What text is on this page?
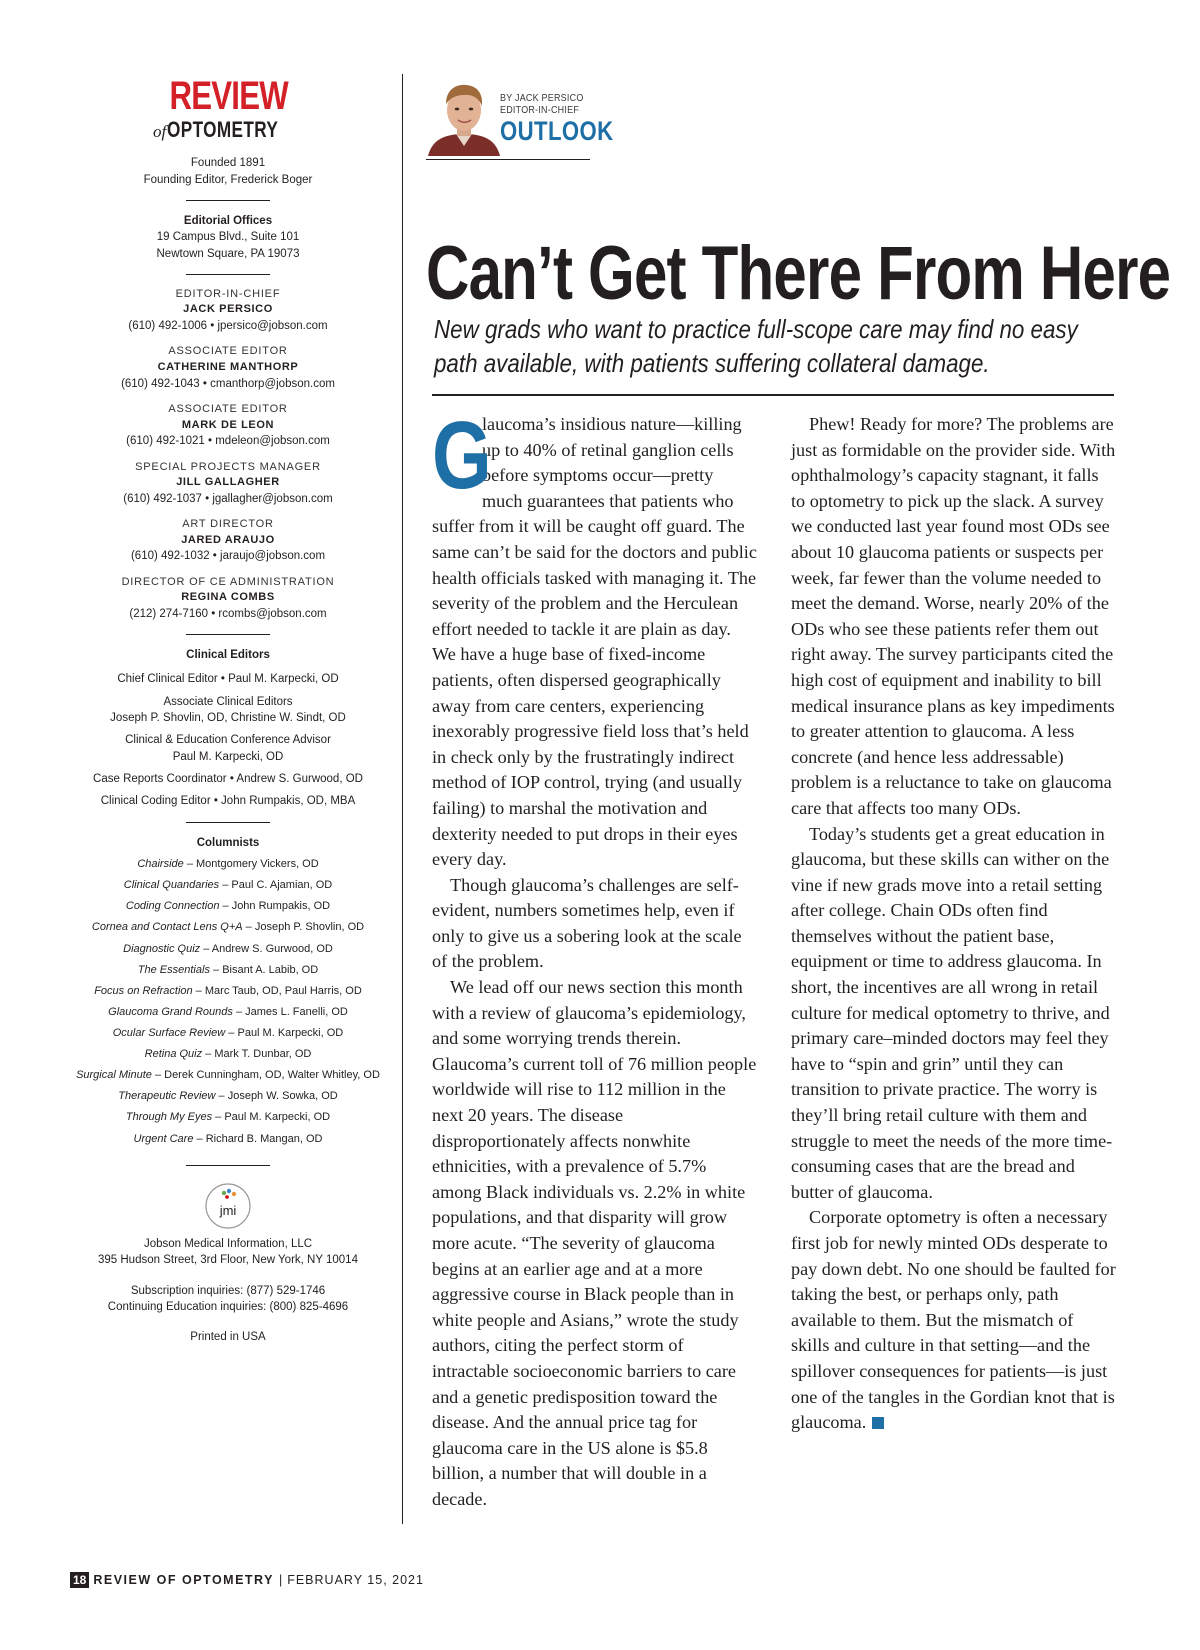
REVIEW
ofOPTOMETRY
Founded 1891
Founding Editor, Frederick Boger
Editorial Offices
19 Campus Blvd., Suite 101
Newtown Square, PA 19073
EDITOR-IN-CHIEF
JACK PERSICO
(610) 492-1006 • jpersico@jobson.com
ASSOCIATE EDITOR
CATHERINE MANTHORP
(610) 492-1043 • cmanthorp@jobson.com
ASSOCIATE EDITOR
MARK DE LEON
(610) 492-1021 • mdeleon@jobson.com
SPECIAL PROJECTS MANAGER
JILL GALLAGHER
(610) 492-1037 • jgallagher@jobson.com
ART DIRECTOR
JARED ARAUJO
(610) 492-1032 • jaraujo@jobson.com
DIRECTOR OF CE ADMINISTRATION
REGINA COMBS
(212) 274-7160 • rcombs@jobson.com
Clinical Editors
Chief Clinical Editor • Paul M. Karpecki, OD
Associate Clinical Editors
Joseph P. Shovlin, OD, Christine W. Sindt, OD
Clinical & Education Conference Advisor
Paul M. Karpecki, OD
Case Reports Coordinator • Andrew S. Gurwood, OD
Clinical Coding Editor • John Rumpakis, OD, MBA
Columnists
Chairside – Montgomery Vickers, OD
Clinical Quandaries – Paul C. Ajamian, OD
Coding Connection – John Rumpakis, OD
Cornea and Contact Lens Q+A – Joseph P. Shovlin, OD
Diagnostic Quiz – Andrew S. Gurwood, OD
The Essentials – Bisant A. Labib, OD
Focus on Refraction – Marc Taub, OD, Paul Harris, OD
Glaucoma Grand Rounds – James L. Fanelli, OD
Ocular Surface Review – Paul M. Karpecki, OD
Retina Quiz – Mark T. Dunbar, OD
Surgical Minute – Derek Cunningham, OD, Walter Whitley, OD
Therapeutic Review – Joseph W. Sowka, OD
Through My Eyes – Paul M. Karpecki, OD
Urgent Care – Richard B. Mangan, OD
jmi
Jobson Medical Information, LLC
395 Hudson Street, 3rd Floor, New York, NY 10014
Subscription inquiries: (877) 529-1746
Continuing Education inquiries: (800) 825-4696
Printed in USA
BY JACK PERSICO
EDITOR-IN-CHIEF
OUTLOOK
Can’t Get There From Here
New grads who want to practice full-scope care may find no easy path available, with patients suffering collateral damage.

G
laucoma’s insidious nature—killing up to 40% of retinal ganglion cells before symptoms occur—pretty much guarantees that patients who suffer from it will be caught off guard. The same can’t be said for the doctors and public health officials tasked with managing it. The severity of the problem and the Herculean effort needed to tackle it are plain as day. We have a huge base of fixed-income patients, often dispersed geographically away from care centers, experiencing inexorably progressive field loss that’s held in check only by the frustratingly indirect method of IOP control, trying (and usually failing) to marshal the motivation and dexterity needed to put drops in their eyes every day.

Though glaucoma’s challenges are self-evident, numbers sometimes help, even if only to give us a sobering look at the scale of the problem.

We lead off our news section this month with a review of glaucoma’s epidemiology, and some worrying trends therein. Glaucoma’s current toll of 76 million people worldwide will rise to 112 million in the next 20 years. The disease disproportionately affects nonwhite ethnicities, with a prevalence of 5.7% among Black individuals vs. 2.2% in white populations, and that disparity will grow more acute. “The severity of glaucoma begins at an earlier age and at a more aggressive course in Black people than in white people and Asians,” wrote the study authors, citing the perfect storm of intractable socioeconomic barriers to care and a genetic predisposition toward the disease. And the annual price tag for glaucoma care in the US alone is $5.8 billion, a number that will double in a decade.

Phew! Ready for more? The problems are just as formidable on the provider side. With ophthalmology’s capacity stagnant, it falls to optometry to pick up the slack. A survey we conducted last year found most ODs see about 10 glaucoma patients or suspects per week, far fewer than the volume needed to meet the demand. Worse, nearly 20% of the ODs who see these patients refer them out right away. The survey participants cited the high cost of equipment and inability to bill medical insurance plans as key impediments to greater attention to glaucoma. A less concrete (and hence less addressable) problem is a reluctance to take on glaucoma care that affects too many ODs.

Today’s students get a great education in glaucoma, but these skills can wither on the vine if new grads move into a retail setting after college. Chain ODs often find themselves without the patient base, equipment or time to address glaucoma. In short, the incentives are all wrong in retail culture for medical optometry to thrive, and primary care–minded doctors may feel they have to “spin and grin” until they can transition to private practice. The worry is they’ll bring retail culture with them and struggle to meet the needs of the more time-consuming cases that are the bread and butter of glaucoma.

Corporate optometry is often a necessary first job for newly minted ODs desperate to pay down debt. No one should be faulted for taking the best, or perhaps only, path available to them. But the mismatch of skills and culture in that setting—and the spillover consequences for patients—is just one of the tangles in the Gordian knot that is glaucoma.

18 REVIEW OF OPTOMETRY | FEBRUARY 15, 2021
